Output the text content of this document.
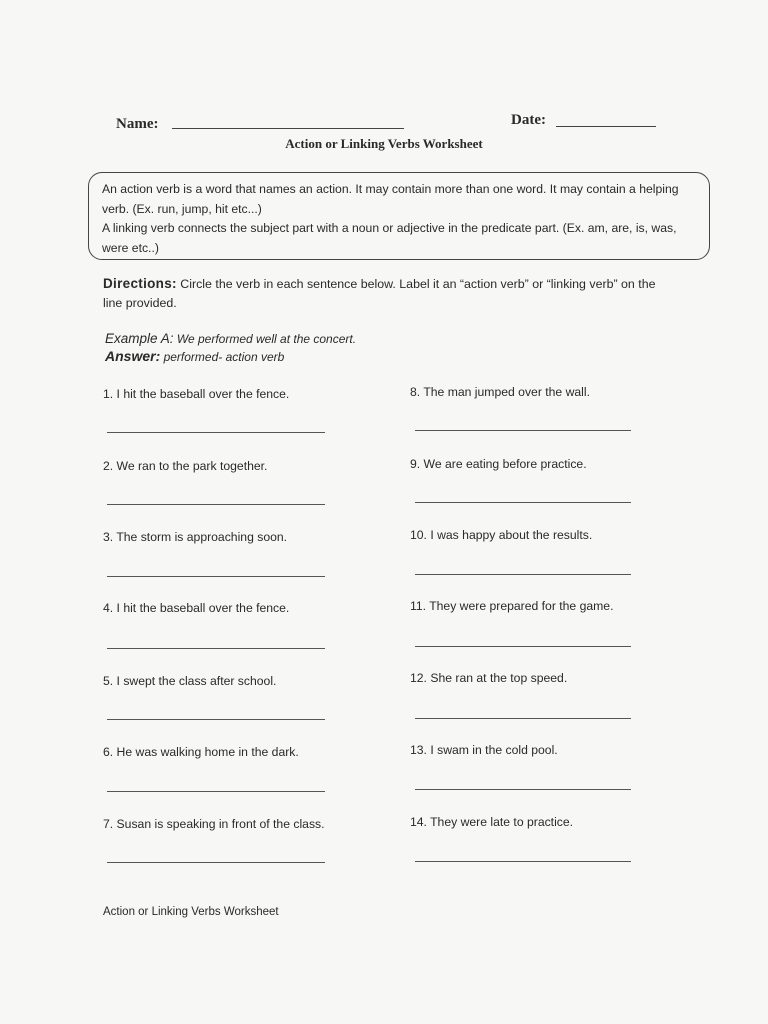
Name:	Date:
Action or Linking Verbs Worksheet

An action verb is a word that names an action. It may contain more than one word. It may contain a helping verb. (Ex. run, jump, hit etc...)

A linking verb connects the subject part with a noun or adjective in the predicate part. (Ex. am, are, is, was, were etc..)

Directions: Circle the verb in each sentence below. Label it an “action verb” or “linking verb” on the line provided.
Example A: We performed well at the concert.
Answer: performed- action verb
1. I hit the baseball over the fence.
2. We ran to the park together.
3. The storm is approaching soon.
4. I hit the baseball over the fence.
5. I swept the class after school.
6. He was walking home in the dark.
7. Susan is speaking in front of the class.
8. The man jumped over the wall.
9. We are eating before practice.
10. I was happy about the results.
11. They were prepared for the game.
12. She ran at the top speed.
13. I swam in the cold pool.
14. They were late to practice.
Action or Linking Verbs Worksheet
